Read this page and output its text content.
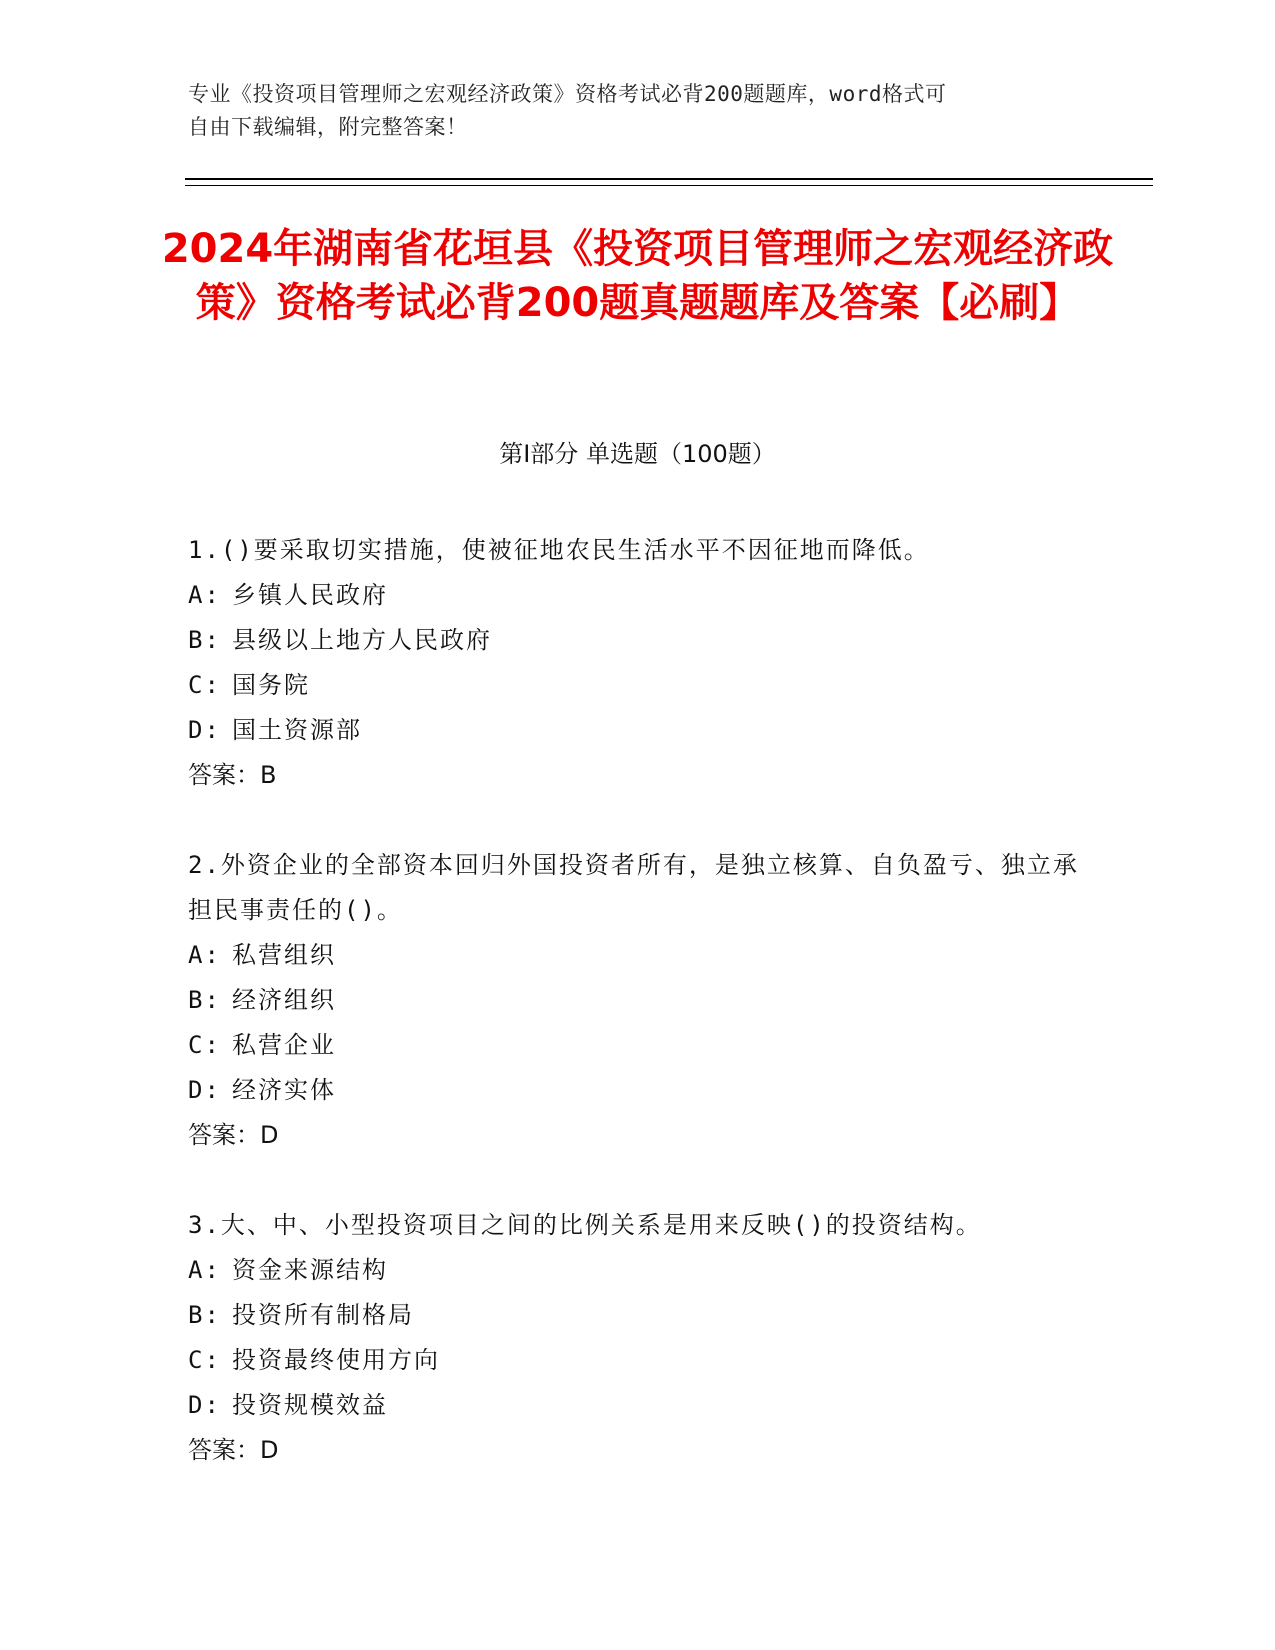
专业《投资项目管理师之宏观经济政策》资格考试必背200题题库，word格式可
自由下载编辑，附完整答案！
2024年湖南省花垣县《投资项目管理师之宏观经济政策》资格考试必背200题真题题库及答案【必刷】
第I部分 单选题（100题）

1.()要采取切实措施，使被征地农民生活水平不因征地而降低。

A: 乡镇人民政府

B: 县级以上地方人民政府

C: 国务院

D: 国土资源部

答案：B

2.外资企业的全部资本回归外国投资者所有，是独立核算、自负盈亏、独立承担民事责任的()。

A: 私营组织

B: 经济组织

C: 私营企业

D: 经济实体

答案：D

3.大、中、小型投资项目之间的比例关系是用来反映()的投资结构。

A: 资金来源结构

B: 投资所有制格局

C: 投资最终使用方向

D: 投资规模效益

答案：D
